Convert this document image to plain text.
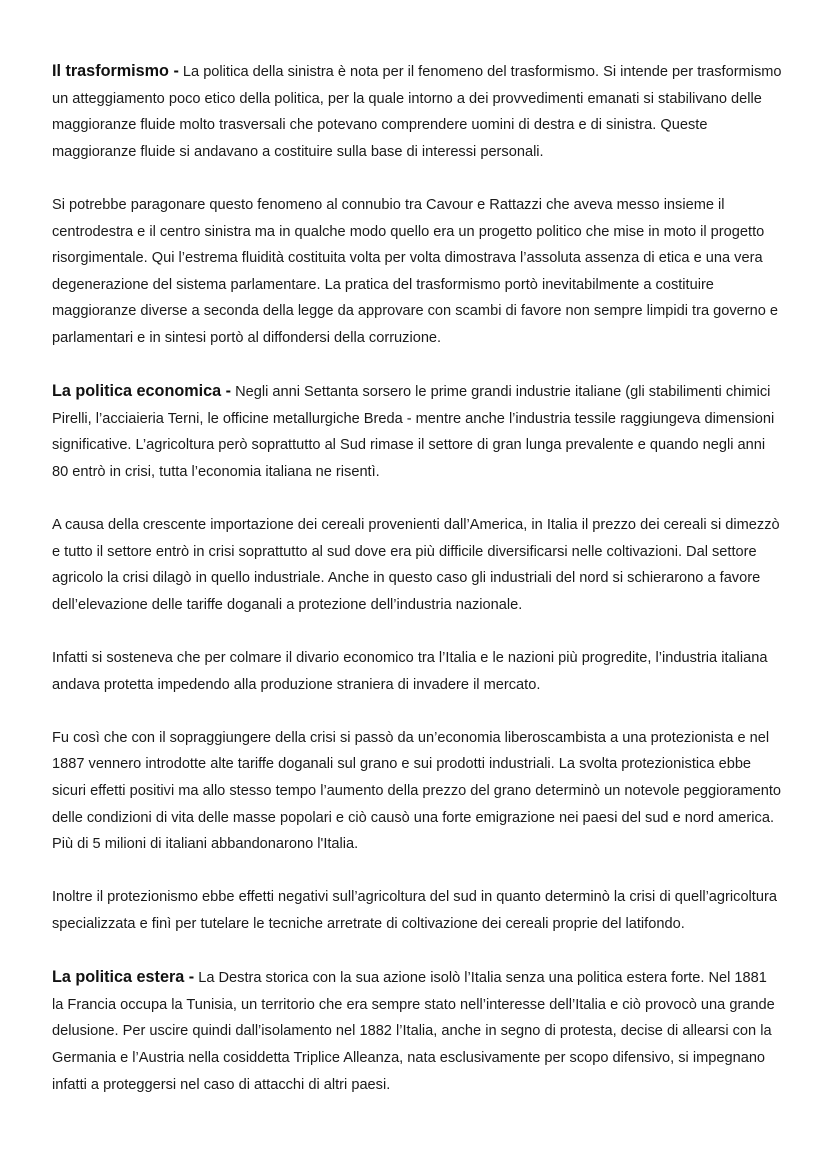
Il trasformismo - La politica della sinistra è nota per il fenomeno del trasformismo. Si intende per trasformismo un atteggiamento poco etico della politica, per la quale intorno a dei provvedimenti emanati si stabilivano delle maggioranze fluide molto trasversali che potevano comprendere uomini di destra e di sinistra. Queste maggioranze fluide si andavano a costituire sulla base di interessi personali.

Si potrebbe paragonare questo fenomeno al connubio tra Cavour e Rattazzi che aveva messo insieme il centrodestra e il centro sinistra ma in qualche modo quello era un progetto politico che mise in moto il progetto risorgimentale. Qui l’estrema fluidità costituita volta per volta dimostrava l’assoluta assenza di etica e una vera degenerazione del sistema parlamentare. La pratica del trasformismo portò inevitabilmente a costituire maggioranze diverse a seconda della legge da approvare con scambi di favore non sempre limpidi tra governo e parlamentari e in sintesi portò al diffondersi della corruzione.

La politica economica - Negli anni Settanta sorsero le prime grandi industrie italiane (gli stabilimenti chimici Pirelli, l’acciaieria Terni, le officine metallurgiche Breda - mentre anche l’industria tessile raggiungeva dimensioni significative. L’agricoltura però soprattutto al Sud rimase il settore di gran lunga prevalente e quando negli anni 80 entrò in crisi, tutta l’economia italiana ne risentì.

A causa della crescente importazione dei cereali provenienti dall’America, in Italia il prezzo dei cereali si dimezzò e tutto il settore entrò in crisi soprattutto al sud dove era più difficile diversificarsi nelle coltivazioni. Dal settore agricolo la crisi dilagò in quello industriale. Anche in questo caso gli industriali del nord si schierarono a favore dell’elevazione delle tariffe doganali a protezione dell’industria nazionale.

Infatti si sosteneva che per colmare il divario economico tra l’Italia e le nazioni più progredite, l’industria italiana andava protetta impedendo alla produzione straniera di invadere il mercato.

Fu così che con il sopraggiungere della crisi si passò da un’economia liberoscambista a una protezionista e nel 1887 vennero introdotte alte tariffe doganali sul grano e sui prodotti industriali. La svolta protezionistica ebbe sicuri effetti positivi ma allo stesso tempo l’aumento della prezzo del grano determinò un notevole peggioramento delle condizioni di vita delle masse popolari e ciò causò una forte emigrazione nei paesi del sud e nord america. Più di 5 milioni di italiani abbandonarono l'Italia.

Inoltre il protezionismo ebbe effetti negativi sull’agricoltura del sud in quanto determinò la crisi di quell’agricoltura specializzata e finì per tutelare le tecniche arretrate di coltivazione dei cereali proprie del latifondo.

La politica estera - La Destra storica con la sua azione isolò l’Italia senza una politica estera forte. Nel 1881 la Francia occupa la Tunisia, un territorio che era sempre stato nell’interesse dell’Italia e ciò provocò una grande delusione. Per uscire quindi dall’isolamento nel 1882 l’Italia, anche in segno di protesta, decise di allearsi con la Germania e l’Austria nella cosiddetta Triplice Alleanza, nata esclusivamente per scopo difensivo, si impegnano infatti a proteggersi nel caso di attacchi di altri paesi.
